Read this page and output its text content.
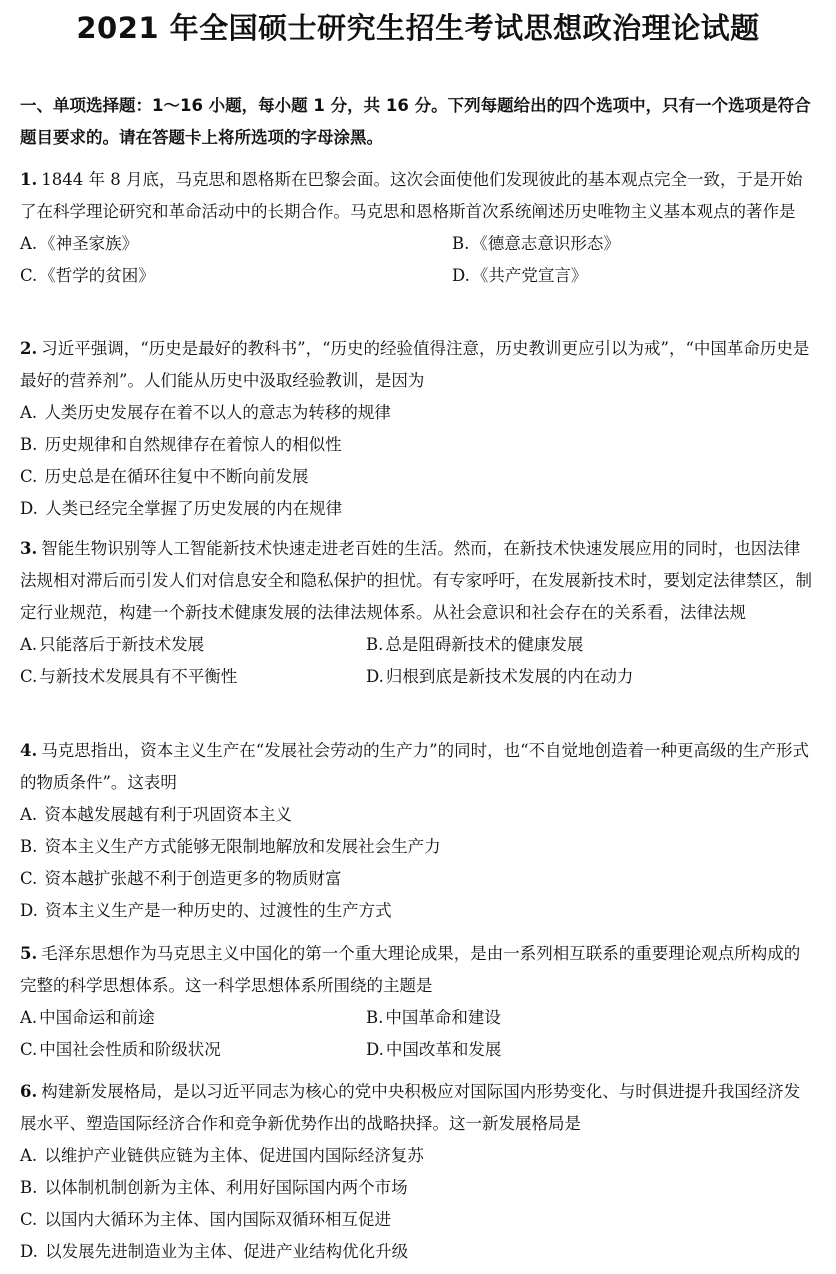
2021 年全国硕士研究生招生考试思想政治理论试题
一、单项选择题：1～16 小题，每小题 1 分，共 16 分。下列每题给出的四个选项中，只有一个选项是符合题目要求的。请在答题卡上将所选项的字母涂黑。
1. 1844 年 8 月底，马克思和恩格斯在巴黎会面。这次会面使他们发现彼此的基本观点完全一致，于是开始了在科学理论研究和革命活动中的长期合作。马克思和恩格斯首次系统阐述历史唯物主义基本观点的著作是
A. 《神圣家族》	B. 《德意志意识形态》
C. 《哲学的贫困》	D. 《共产党宣言》
2. 习近平强调，“历史是最好的教科书”，“历史的经验值得注意，历史教训更应引以为戒”，“中国革命历史是最好的营养剂”。人们能从历史中汲取经验教训，是因为
A. 人类历史发展存在着不以人的意志为转移的规律
B. 历史规律和自然规律存在着惊人的相似性
C. 历史总是在循环往复中不断向前发展
D. 人类已经完全掌握了历史发展的内在规律
3. 智能生物识别等人工智能新技术快速走进老百姓的生活。然而，在新技术快速发展应用的同时，也因法律法规相对滞后而引发人们对信息安全和隐私保护的担忧。有专家呼吁，在发展新技术时，要划定法律禁区，制定行业规范，构建一个新技术健康发展的法律法规体系。从社会意识和社会存在的关系看，法律法规
A. 只能落后于新技术发展	B. 总是阻碍新技术的健康发展
C. 与新技术发展具有不平衡性	D. 归根到底是新技术发展的内在动力
4. 马克思指出，资本主义生产在“发展社会劳动的生产力”的同时，也“不自觉地创造着一种更高级的生产形式的物质条件”。这表明
A. 资本越发展越有利于巩固资本主义
B. 资本主义生产方式能够无限制地解放和发展社会生产力
C. 资本越扩张越不利于创造更多的物质财富
D. 资本主义生产是一种历史的、过渡性的生产方式
5. 毛泽东思想作为马克思主义中国化的第一个重大理论成果，是由一系列相互联系的重要理论观点所构成的完整的科学思想体系。这一科学思想体系所围绕的主题是
A. 中国命运和前途	B. 中国革命和建设
C. 中国社会性质和阶级状况	D. 中国改革和发展
6. 构建新发展格局，是以习近平同志为核心的党中央积极应对国际国内形势变化、与时俱进提升我国经济发展水平、塑造国际经济合作和竞争新优势作出的战略抉择。这一新发展格局是
A. 以维护产业链供应链为主体、促进国内国际经济复苏
B. 以体制机制创新为主体、利用好国际国内两个市场
C. 以国内大循环为主体、国内国际双循环相互促进
D. 以发展先进制造业为主体、促进产业结构优化升级
